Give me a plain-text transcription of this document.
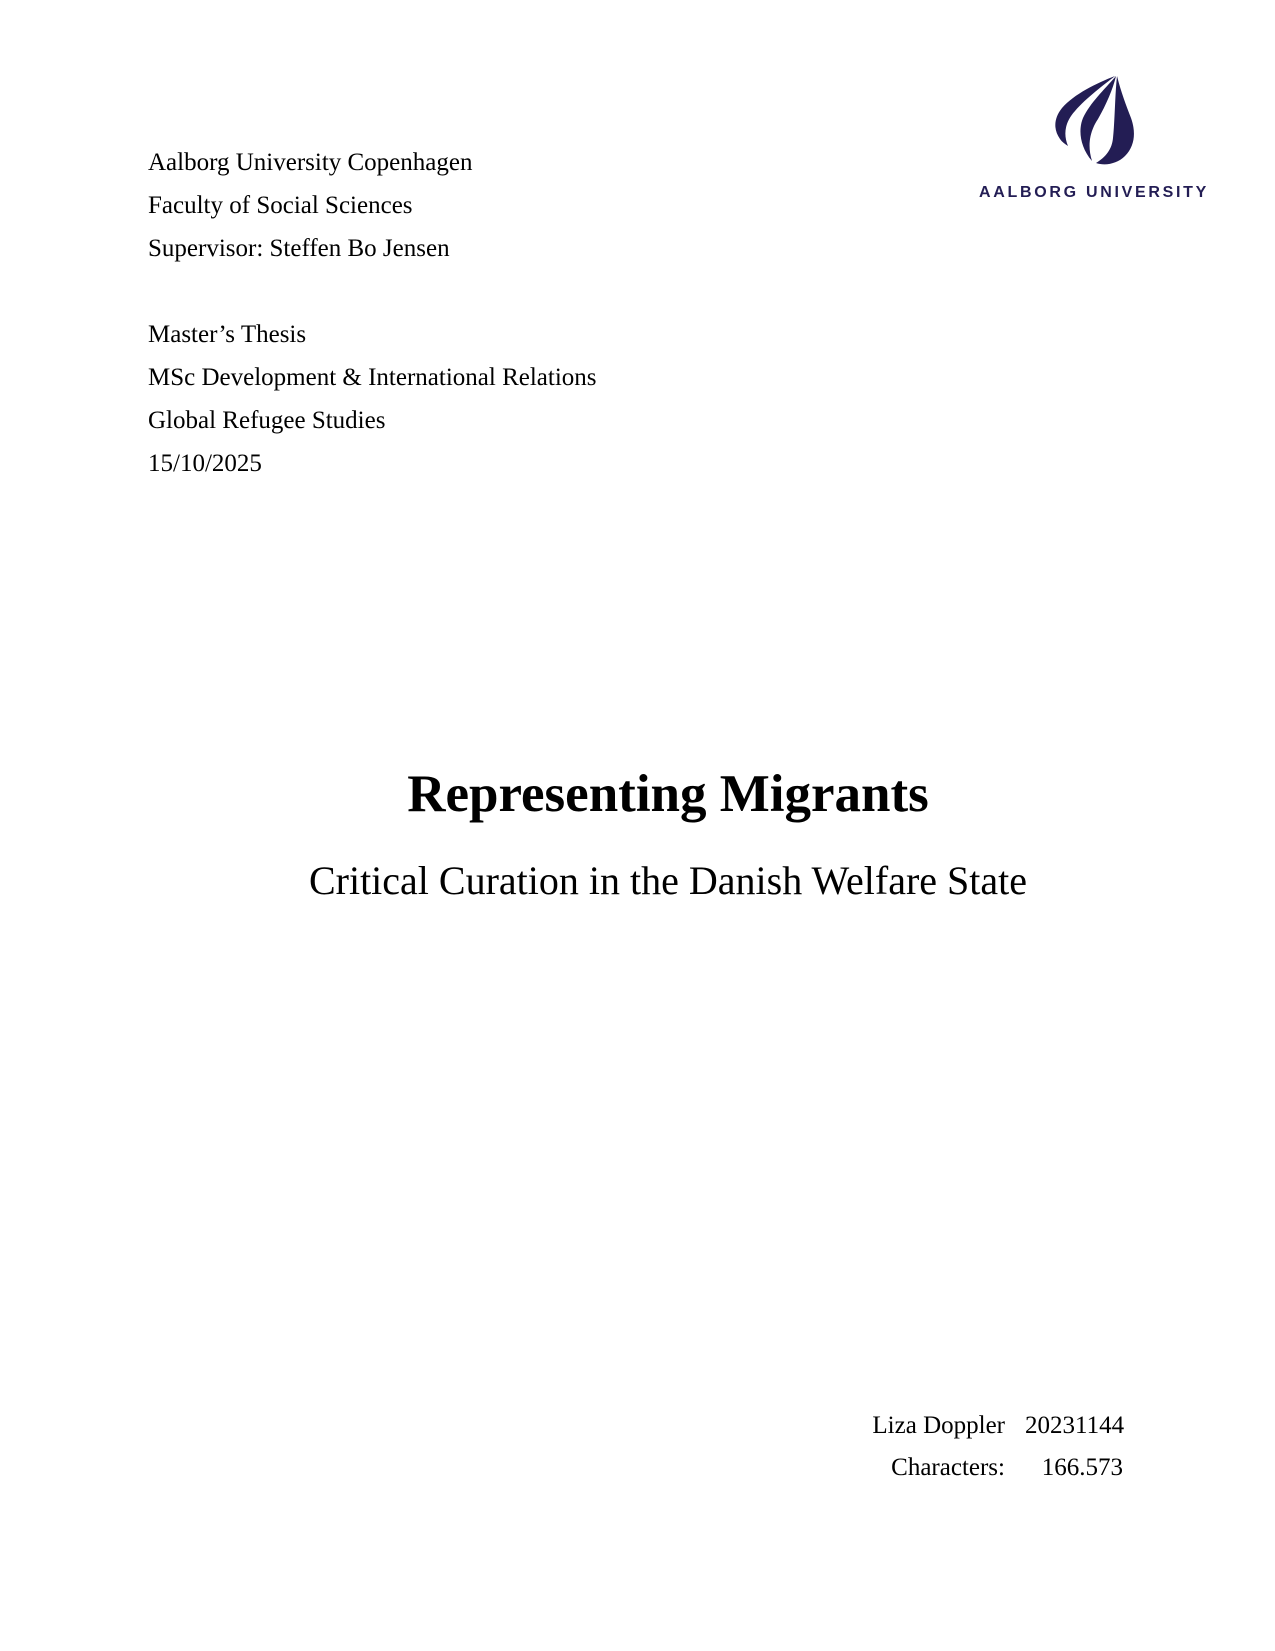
Aalborg University Copenhagen
Faculty of Social Sciences
Supervisor: Steffen Bo Jensen
AALBORG UNIVERSITY
Master’s Thesis
MSc Development & International Relations
Global Refugee Studies
15/10/2025
Representing Migrants
Critical Curation in the Danish Welfare State
Liza Doppler 20231144
Characters:	166.573
